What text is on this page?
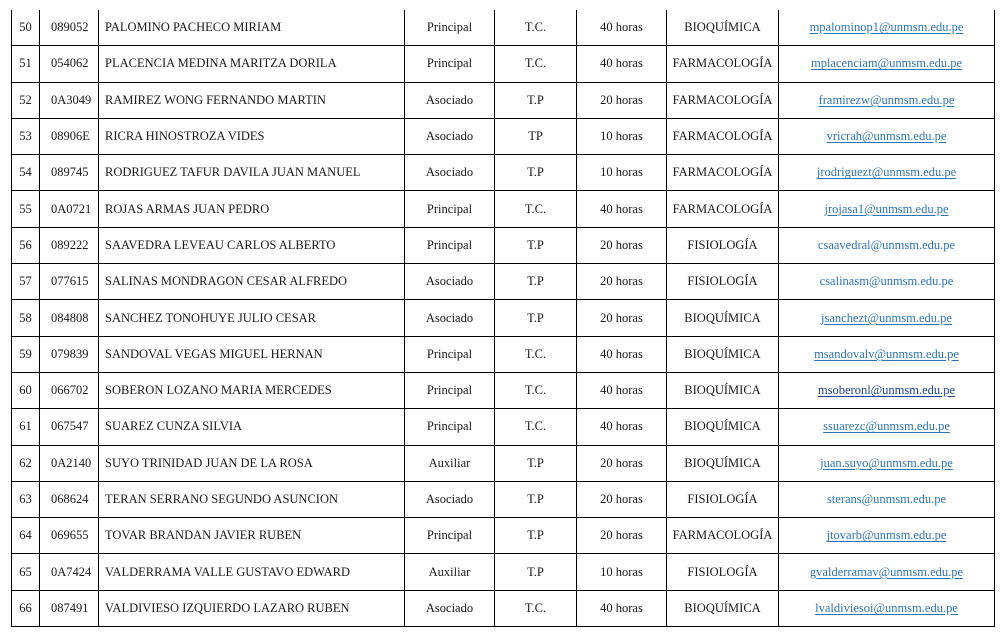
50	089052	PALOMINO PACHECO MIRIAM	Principal	T.C.	40 horas	BIOQUÍMICA	mpalominop1@unmsm.edu.pe
51	054062	PLACENCIA MEDINA MARITZA DORILA	Principal	T.C.	40 horas	FARMACOLOGÍA	mplacenciam@unmsm.edu.pe
52	0A3049	RAMIREZ WONG FERNANDO MARTIN	Asociado	T.P	20 horas	FARMACOLOGÍA	framirezw@unmsm.edu.pe
53	08906E	RICRA HINOSTROZA VIDES	Asociado	TP	10 horas	FARMACOLOGÍA	vricrah@unmsm.edu.pe
54	089745	RODRIGUEZ TAFUR DAVILA JUAN MANUEL	Asociado	T.P	10 horas	FARMACOLOGÍA	jrodriguezt@unmsm.edu.pe
55	0A0721	ROJAS ARMAS JUAN PEDRO	Principal	T.C.	40 horas	FARMACOLOGÍA	jrojasa1@unmsm.edu.pe
56	089222	SAAVEDRA LEVEAU CARLOS ALBERTO	Principal	T.P	20 horas	FISIOLOGÍA	csaavedral@unmsm.edu.pe
57	077615	SALINAS MONDRAGON CESAR ALFREDO	Asociado	T.P	20 horas	FISIOLOGÍA	csalinasm@unmsm.edu.pe
58	084808	SANCHEZ TONOHUYE JULIO CESAR	Asociado	T.P	20 horas	BIOQUÍMICA	jsanchezt@unmsm.edu.pe
59	079839	SANDOVAL VEGAS MIGUEL HERNAN	Principal	T.C.	40 horas	BIOQUÍMICA	msandovalv@unmsm.edu.pe
60	066702	SOBERON LOZANO MARIA MERCEDES	Principal	T.C.	40 horas	BIOQUÍMICA	msoberonl@unmsm.edu.pe
61	067547	SUAREZ CUNZA SILVIA	Principal	T.C.	40 horas	BIOQUÍMICA	ssuarezc@unmsm.edu.pe
62	0A2140	SUYO TRINIDAD JUAN DE LA ROSA	Auxiliar	T.P	20 horas	BIOQUÍMICA	juan.suyo@unmsm.edu.pe
63	068624	TERAN SERRANO SEGUNDO ASUNCION	Asociado	T.P	20 horas	FISIOLOGÍA	sterans@unmsm.edu.pe
64	069655	TOVAR BRANDAN JAVIER RUBEN	Principal	T.P	20 horas	FARMACOLOGÍA	jtovarb@unmsm.edu.pe
65	0A7424	VALDERRAMA VALLE GUSTAVO EDWARD	Auxiliar	T.P	10 horas	FISIOLOGÍA	gvalderramav@unmsm.edu.pe
66	087491	VALDIVIESO IZQUIERDO LAZARO RUBEN	Asociado	T.C.	40 horas	BIOQUÍMICA	lvaldiviesoi@unmsm.edu.pe
